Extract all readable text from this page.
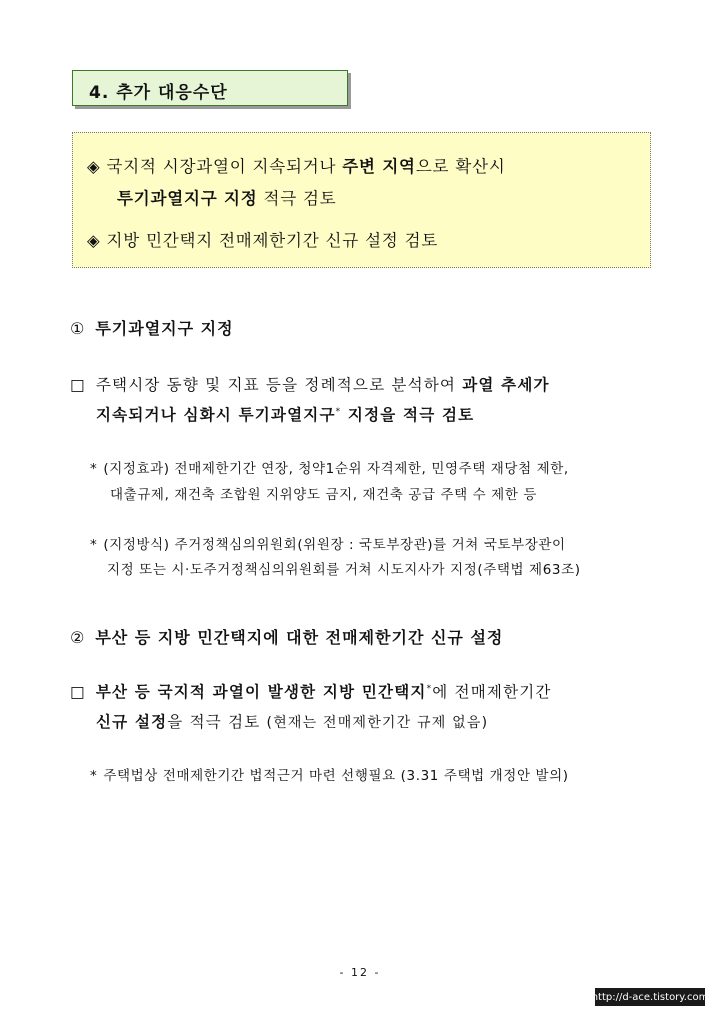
4. 추가 대응수단
◈ 국지적 시장과열이 지속되거나 주변 지역으로 확산시
투기과열지구 지정 적극 검토
◈ 지방 민간택지 전매제한기간 신규 설정 검토
① 투기과열지구 지정
□ 주택시장 동향 및 지표 등을 정례적으로 분석하여 과열 추세가
지속되거나 심화시 투기과열지구* 지정을 적극 검토
* (지정효과) 전매제한기간 연장, 청약1순위 자격제한, 민영주택 재당첨 제한,
대출규제, 재건축 조합원 지위양도 금지, 재건축 공급 주택 수 제한 등
* (지정방식) 주거정책심의위원회(위원장 : 국토부장관)를 거쳐 국토부장관이
지정 또는 시·도주거정책심의위원회를 거쳐 시도지사가 지정(주택법 제63조)
② 부산 등 지방 민간택지에 대한 전매제한기간 신규 설정
□ 부산 등 국지적 과열이 발생한 지방 민간택지*에 전매제한기간
신규 설정을 적극 검토 (현재는 전매제한기간 규제 없음)
* 주택법상 전매제한기간 법적근거 마련 선행필요 (3.31 주택법 개정안 발의)
- 12 -
http://d-ace.tistory.com
